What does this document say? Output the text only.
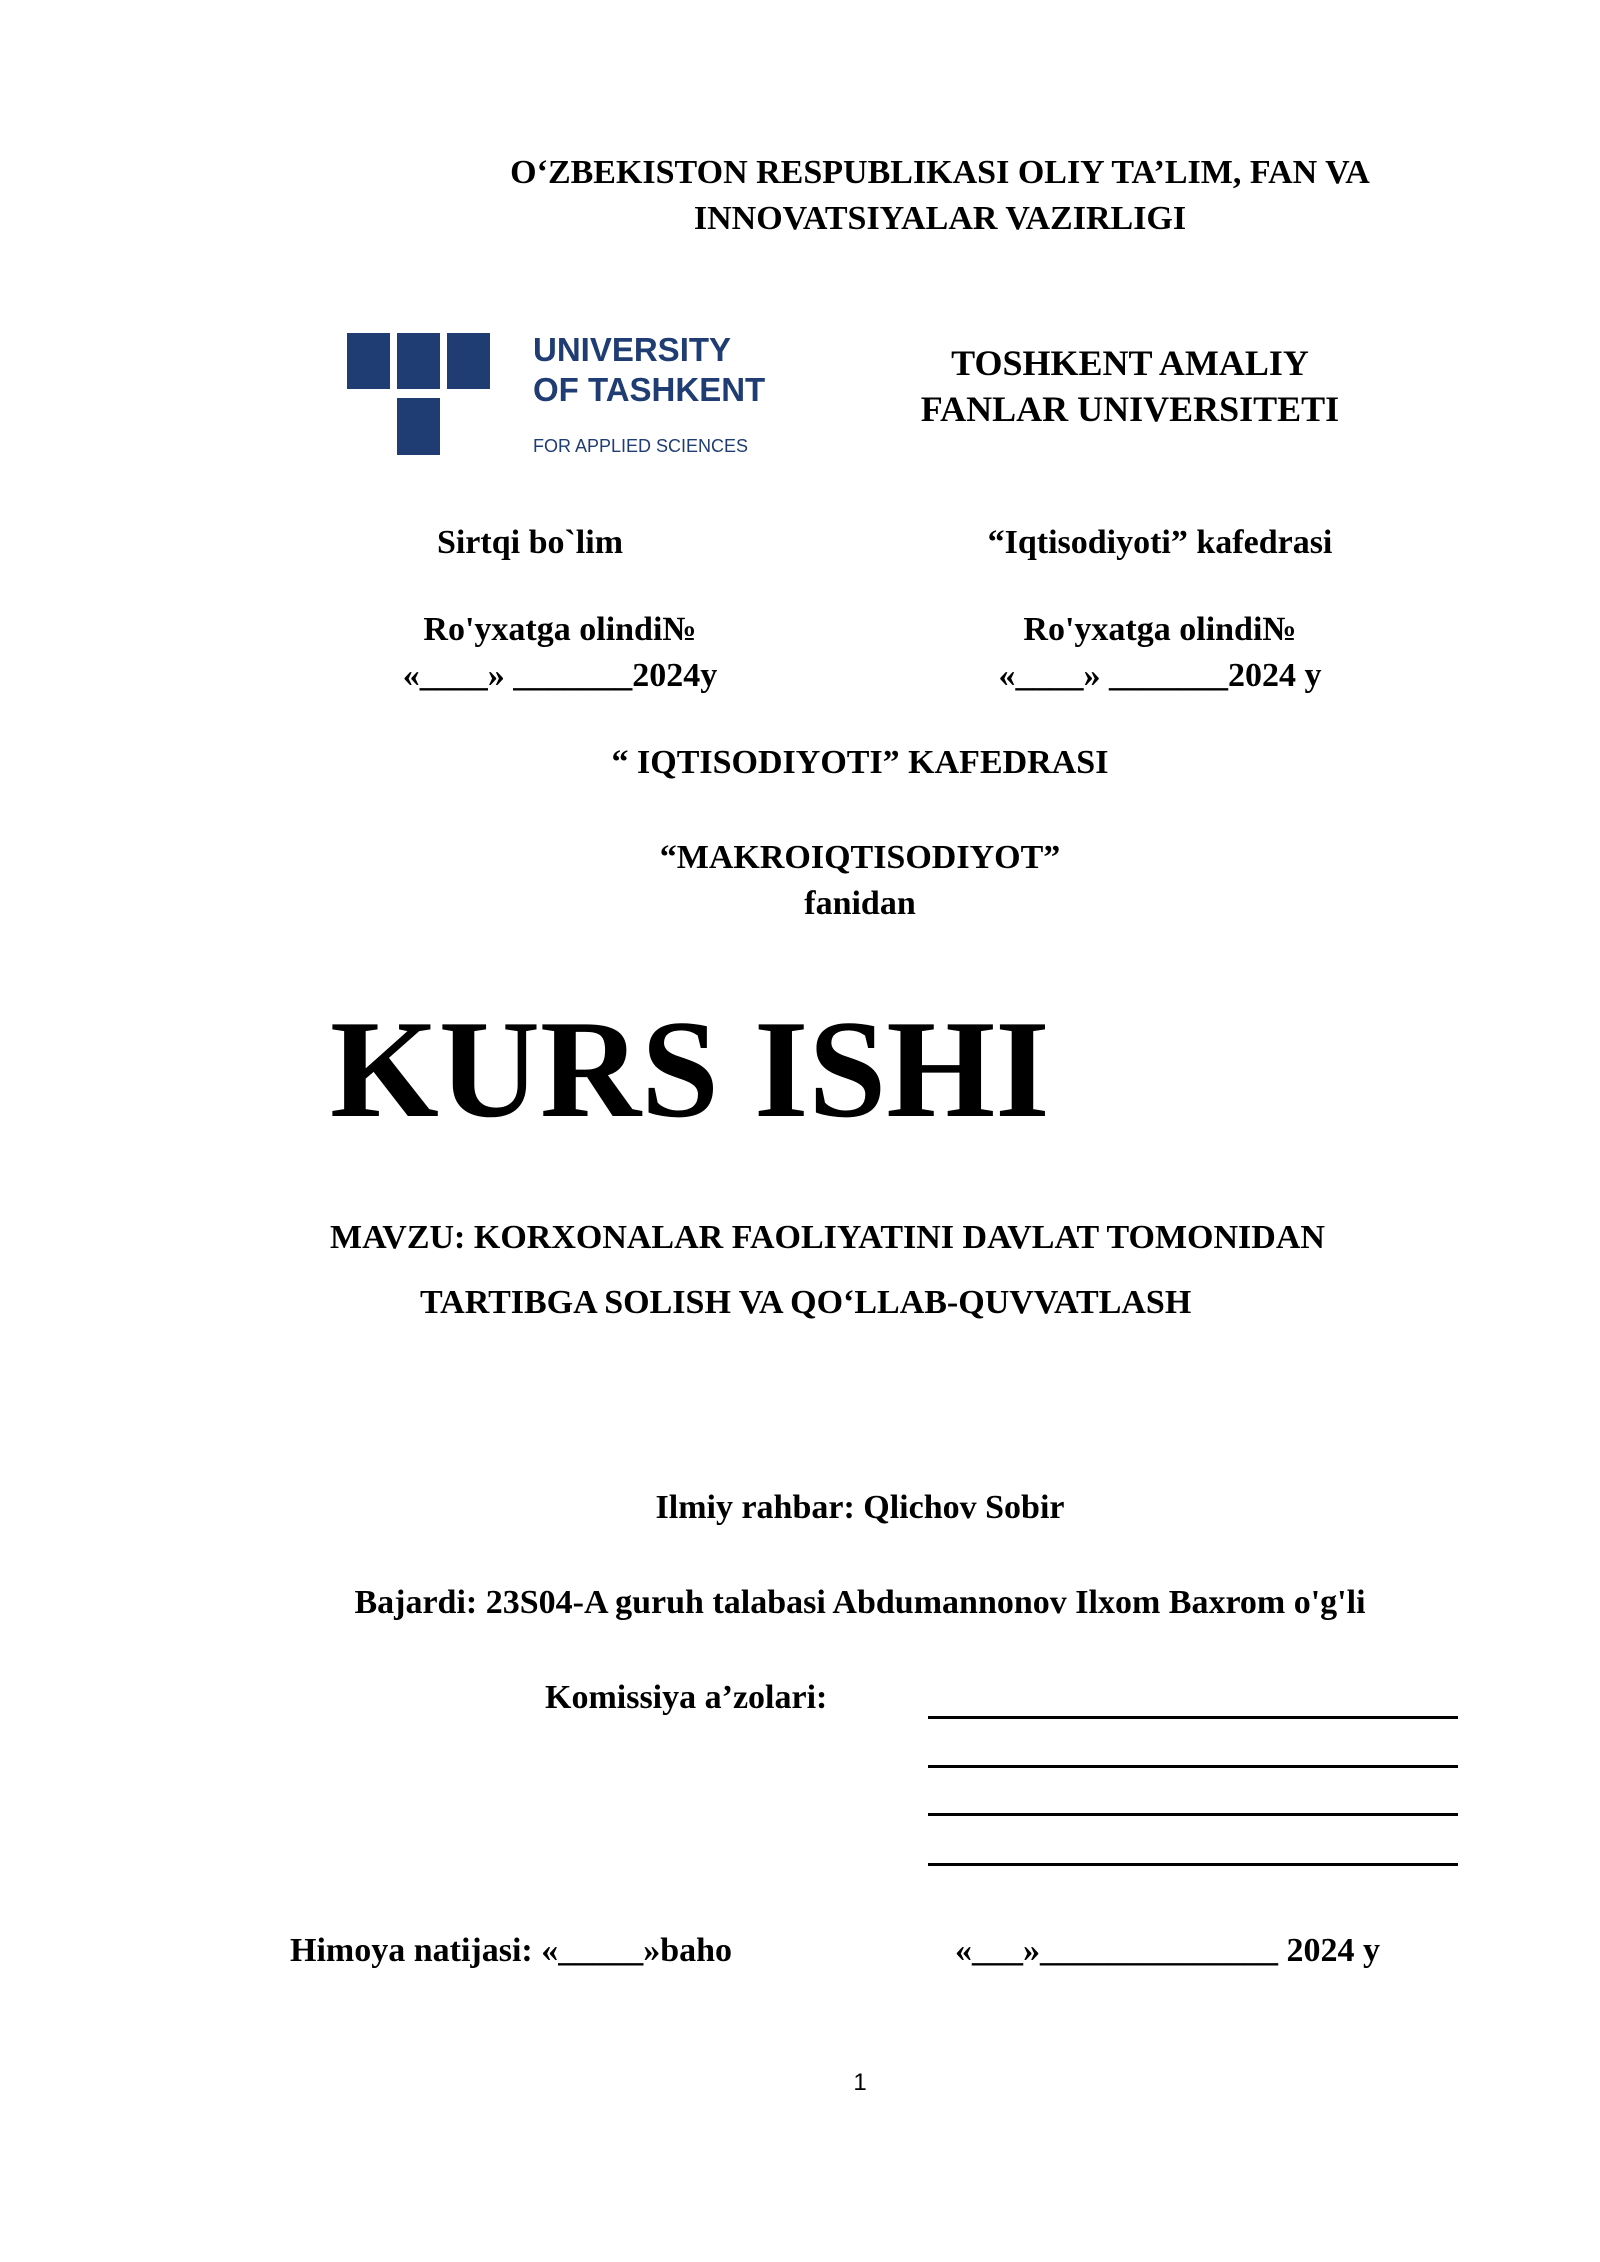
O‘ZBEKISTON RESPUBLIKASI OLIY TA’LIM, FAN VA
INNOVATSIYALAR VAZIRLIGI
UNIVERSITY
OF TASHKENT
FOR APPLIED SCIENCES
TOSHKENT AMALIY
FANLAR UNIVERSITETI
Sirtqi bo`lim	“Iqtisodiyoti” kafedrasi
Ro'yxatga olindi№
«____» _______2024y
Ro'yxatga olindi№
«____» _______2024 y
“ IQTISODIYOTI” KAFEDRASI
“MAKROIQTISODIYOT”
fanidan
KURS ISHI
MAVZU: KORXONALAR FAOLIYATINI DAVLAT TOMONIDAN
TARTIBGA SOLISH VA QO‘LLAB-QUVVATLASH
Ilmiy rahbar: Qlichov Sobir
Bajardi: 23S04-A guruh talabasi Abdumannonov Ilxom Baxrom o'g'li
Komissiya a’zolari:
Himoya natijasi: «_____»baho	«___»______________ 2024 y
1
